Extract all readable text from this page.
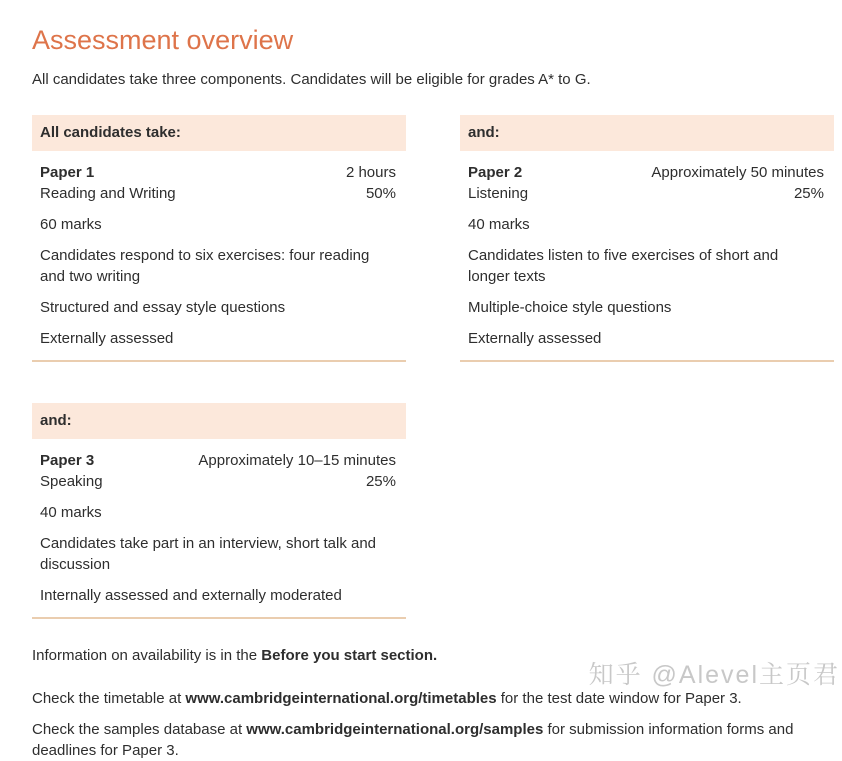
Assessment overview

All candidates take three components. Candidates will be eligible for grades A* to G.

All candidates take:
Paper 1
Reading and Writing
2 hours
50%
60 marks
Candidates respond to six exercises: four reading and two writing
Structured and essay style questions
Externally assessed
and:
Paper 2
Listening
Approximately 50 minutes
25%
40 marks
Candidates listen to five exercises of short and longer texts
Multiple-choice style questions
Externally assessed
and:
Paper 3
Speaking
Approximately 10–15 minutes
25%
40 marks
Candidates take part in an interview, short talk and discussion
Internally assessed and externally moderated

Information on availability is in the Before you start section.

Check the timetable at www.cambridgeinternational.org/timetables for the test date window for Paper 3.

Check the samples database at www.cambridgeinternational.org/samples for submission information forms and deadlines for Paper 3.

知乎 @Alevel主页君
